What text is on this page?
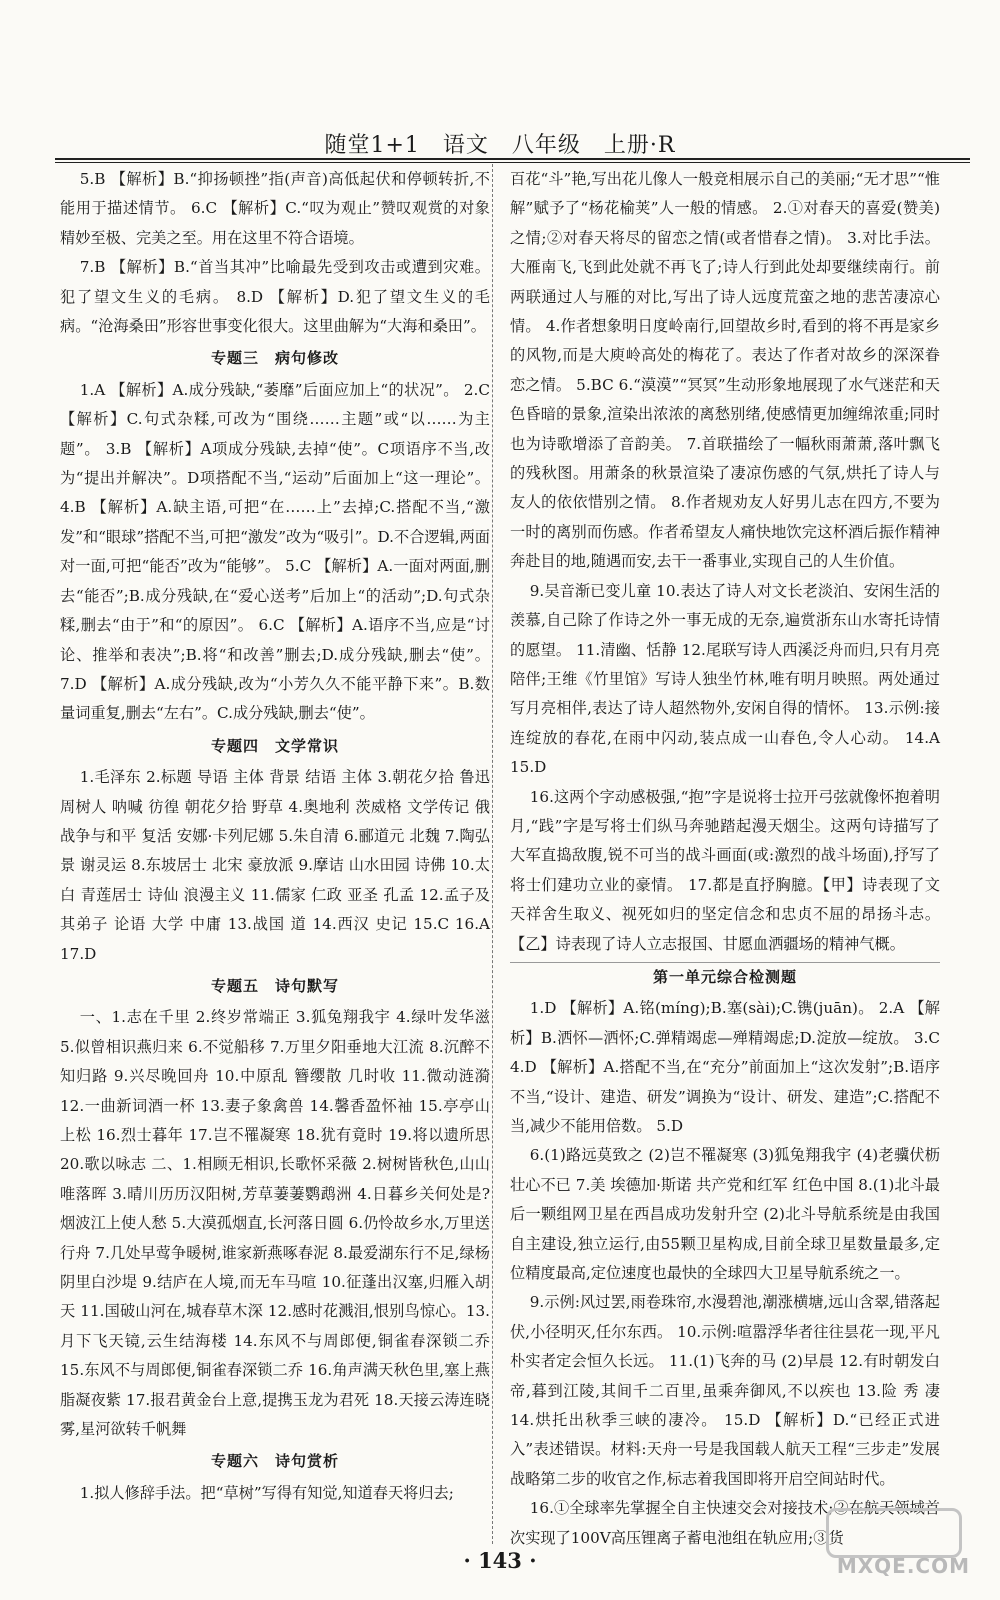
随堂1+1　语文　八年级　上册·R
5.B 【解析】B.“抑扬顿挫”指(声音)高低起伏和停顿转折,不能用于描述情节。 6.C 【解析】C.“叹为观止”赞叹观赏的对象精妙至极、完美之至。用在这里不符合语境。
7.B 【解析】B.“首当其冲”比喻最先受到攻击或遭到灾难。犯了望文生义的毛病。 8.D 【解析】D.犯了望文生义的毛病。“沧海桑田”形容世事变化很大。这里曲解为“大海和桑田”。
专题三　病句修改
1.A 【解析】A.成分残缺,“萎靡”后面应加上“的状况”。 2.C 【解析】C.句式杂糅,可改为“围绕……主题”或“以……为主题”。 3.B 【解析】A项成分残缺,去掉“使”。C项语序不当,改为“提出并解决”。D项搭配不当,“运动”后面加上“这一理论”。 4.B 【解析】A.缺主语,可把“在……上”去掉;C.搭配不当,“激发”和“眼球”搭配不当,可把“激发”改为“吸引”。D.不合逻辑,两面对一面,可把“能否”改为“能够”。 5.C 【解析】A.一面对两面,删去“能否”;B.成分残缺,在“爱心送考”后加上“的活动”;D.句式杂糅,删去“由于”和“的原因”。 6.C 【解析】A.语序不当,应是“讨论、推举和表决”;B.将“和改善”删去;D.成分残缺,删去“使”。 7.D 【解析】A.成分残缺,改为“小芳久久不能平静下来”。B.数量词重复,删去“左右”。C.成分残缺,删去“使”。
专题四　文学常识
1.毛泽东 2.标题 导语 主体 背景 结语 主体 3.朝花夕拾 鲁迅 周树人 呐喊 彷徨 朝花夕拾 野草 4.奥地利 茨威格 文学传记 俄 战争与和平 复活 安娜·卡列尼娜 5.朱自清 6.郦道元 北魏 7.陶弘景 谢灵运 8.东坡居士 北宋 豪放派 9.摩诘 山水田园 诗佛 10.太白 青莲居士 诗仙 浪漫主义 11.儒家 仁政 亚圣 孔孟 12.孟子及其弟子 论语 大学 中庸 13.战国 道 14.西汉 史记 15.C 16.A 17.D
专题五　诗句默写
一、1.志在千里 2.终岁常端正 3.狐兔翔我宇 4.绿叶发华滋 5.似曾相识燕归来 6.不觉船移 7.万里夕阳垂地大江流 8.沉醉不知归路 9.兴尽晚回舟 10.中原乱 簪缨散 几时收 11.微动涟漪 12.一曲新词酒一杯 13.妻子象禽兽 14.馨香盈怀袖 15.亭亭山上松 16.烈士暮年 17.岂不罹凝寒 18.犹有竟时 19.将以遗所思 20.歌以咏志 二、1.相顾无相识,长歌怀采薇 2.树树皆秋色,山山唯落晖 3.晴川历历汉阳树,芳草萋萋鹦鹉洲 4.日暮乡关何处是?烟波江上使人愁 5.大漠孤烟直,长河落日圆 6.仍怜故乡水,万里送行舟 7.几处早莺争暖树,谁家新燕啄春泥 8.最爱湖东行不足,绿杨阴里白沙堤 9.结庐在人境,而无车马喧 10.征蓬出汉塞,归雁入胡天 11.国破山河在,城春草木深 12.感时花溅泪,恨别鸟惊心。13.月下飞天镜,云生结海楼 14.东风不与周郎便,铜雀春深锁二乔 15.东风不与周郎便,铜雀春深锁二乔 16.角声满天秋色里,塞上燕脂凝夜紫 17.报君黄金台上意,提携玉龙为君死 18.天接云涛连晓雾,星河欲转千帆舞
专题六　诗句赏析
1.拟人修辞手法。把“草树”写得有知觉,知道春天将归去;
百花“斗”艳,写出花儿像人一般竞相展示自己的美丽;“无才思”“惟解”赋予了“杨花榆荚”人一般的情感。 2.①对春天的喜爱(赞美)之情;②对春天将尽的留恋之情(或者惜春之情)。 3.对比手法。大雁南飞,飞到此处就不再飞了;诗人行到此处却要继续南行。前两联通过人与雁的对比,写出了诗人远度荒蛮之地的悲苦凄凉心情。 4.作者想象明日度岭南行,回望故乡时,看到的将不再是家乡的风物,而是大庾岭高处的梅花了。表达了作者对故乡的深深眷恋之情。 5.BC 6.“漠漠”“冥冥”生动形象地展现了水气迷茫和天色昏暗的景象,渲染出浓浓的离愁别绪,使感情更加缠绵浓重;同时也为诗歌增添了音韵美。 7.首联描绘了一幅秋雨萧萧,落叶飘飞的残秋图。用萧条的秋景渲染了凄凉伤感的气氛,烘托了诗人与友人的依依惜别之情。 8.作者规劝友人好男儿志在四方,不要为一时的离别而伤感。作者希望友人痛快地饮完这杯酒后振作精神奔赴目的地,随遇而安,去干一番事业,实现自己的人生价值。
9.吴音渐已变儿童 10.表达了诗人对文长老淡泊、安闲生活的羡慕,自己除了作诗之外一事无成的无奈,遍赏浙东山水寄托诗情的愿望。 11.清幽、恬静 12.尾联写诗人西溪泛舟而归,只有月亮陪伴;王维《竹里馆》写诗人独坐竹林,唯有明月映照。两处通过写月亮相伴,表达了诗人超然物外,安闲自得的情怀。 13.示例:接连绽放的春花,在雨中闪动,装点成一山春色,令人心动。 14.A 15.D
16.这两个字动感极强,“抱”字是说将士拉开弓弦就像怀抱着明月,“践”字是写将士们纵马奔驰踏起漫天烟尘。这两句诗描写了大军直捣敌腹,锐不可当的战斗画面(或:激烈的战斗场面),抒写了将士们建功立业的豪情。 17.都是直抒胸臆。【甲】诗表现了文天祥舍生取义、视死如归的坚定信念和忠贞不屈的昂扬斗志。【乙】诗表现了诗人立志报国、甘愿血洒疆场的精神气概。
第一单元综合检测题
1.D 【解析】A.铭(míng);B.塞(sài);C.镌(juān)。 2.A 【解析】B.洒怀—洒怀;C.弹精竭虑—殚精竭虑;D.淀放—绽放。 3.C 4.D 【解析】A.搭配不当,在“充分”前面加上“这次发射”;B.语序不当,“设计、建造、研发”调换为“设计、研发、建造”;C.搭配不当,减少不能用倍数。 5.D
6.(1)路远莫致之 (2)岂不罹凝寒 (3)狐兔翔我宇 (4)老骥伏枥 壮心不已 7.美 埃德加·斯诺 共产党和红军 红色中国 8.(1)北斗最后一颗组网卫星在西昌成功发射升空 (2)北斗导航系统是由我国自主建设,独立运行,由55颗卫星构成,目前全球卫星数量最多,定位精度最高,定位速度也最快的全球四大卫星导航系统之一。
9.示例:风过罢,雨卷珠帘,水漫碧池,潮涨横塘,远山含翠,错落起伏,小径明灭,任尔东西。 10.示例:喧嚣浮华者往往昙花一现,平凡朴实者定会恒久长远。 11.(1)飞奔的马 (2)早晨 12.有时朝发白帝,暮到江陵,其间千二百里,虽乘奔御风,不以疾也 13.险 秀 凄 14.烘托出秋季三峡的凄冷。 15.D 【解析】D.“已经正式进入”表述错误。材料:天舟一号是我国载人航天工程“三步走”发展战略第二步的收官之作,标志着我国即将开启空间站时代。
16.①全球率先掌握全自主快速交会对接技术;②在航天领域首次实现了100V高压锂离子蓄电池组在轨应用;③货
· 143 ·	MXQE.COM
